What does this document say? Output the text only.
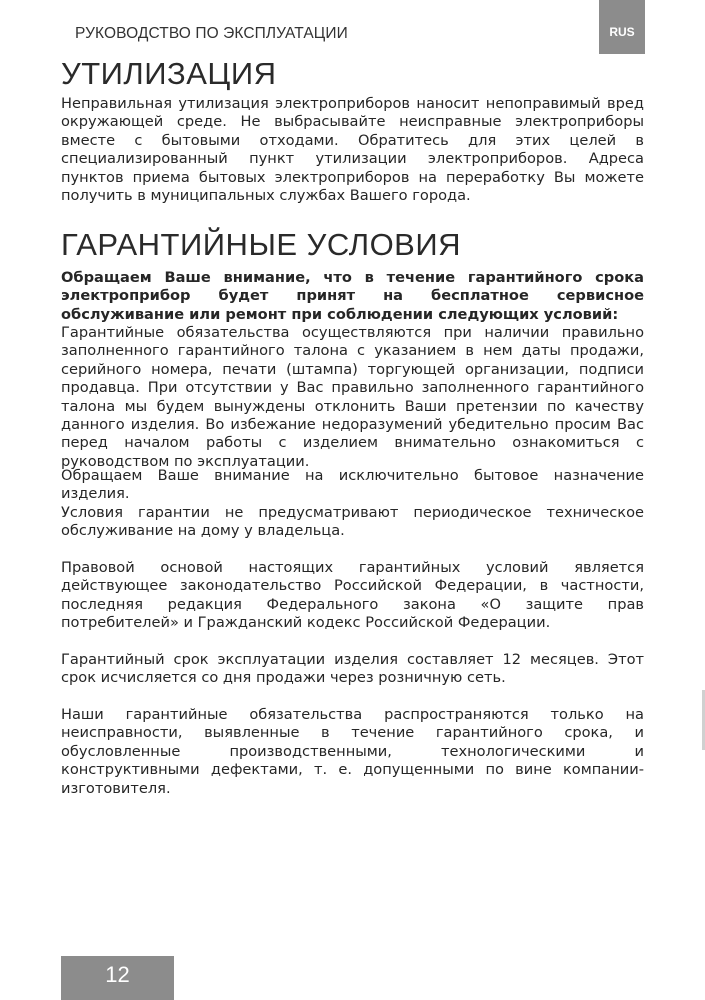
РУКОВОДСТВО ПО ЭКСПЛУАТАЦИИ	RUS
УТИЛИЗАЦИЯ

Неправильная утилизация электроприборов наносит непоправимый вред окружающей среде. Не выбрасывайте неисправные электроприборы вместе с бытовыми отходами. Обратитесь для этих целей в специализированный пункт утилизации электроприборов. Адреса пунктов приема бытовых электроприборов на переработку Вы можете получить в муниципальных службах Вашего города.

ГАРАНТИЙНЫЕ УСЛОВИЯ

Обращаем Ваше внимание, что в течение гарантийного срока электроприбор будет принят на бесплатное сервисное обслуживание или ремонт при соблюдении следующих условий:

Гарантийные обязательства осуществляются при наличии правильно заполненного гарантийного талона с указанием в нем даты продажи, серийного номера, печати (штампа) торгующей организации, подписи продавца. При отсутствии у Вас правильно заполненного гарантийного талона мы будем вынуждены отклонить Ваши претензии по качеству данного изделия. Во избежание недоразумений убедительно просим Вас перед началом работы с изделием внимательно ознакомиться с руководством по эксплуатации.

Обращаем Ваше внимание на исключительно бытовое назначение изделия.

Условия гарантии не предусматривают периодическое техническое обслуживание на дому у владельца.

Правовой основой настоящих гарантийных условий является действующее законодательство Российской Федерации, в частности, последняя редакция Федерального закона «О защите прав потребителей» и Гражданский кодекс Российской Федерации.

Гарантийный срок эксплуатации изделия составляет 12 месяцев. Этот срок исчисляется со дня продажи через розничную сеть.

Наши гарантийные обязательства распространяются только на неисправности, выявленные в течение гарантийного срока, и обусловленные производственными, технологическими и конструктивными дефектами, т. е. допущенными по вине компании-изготовителя.

12
